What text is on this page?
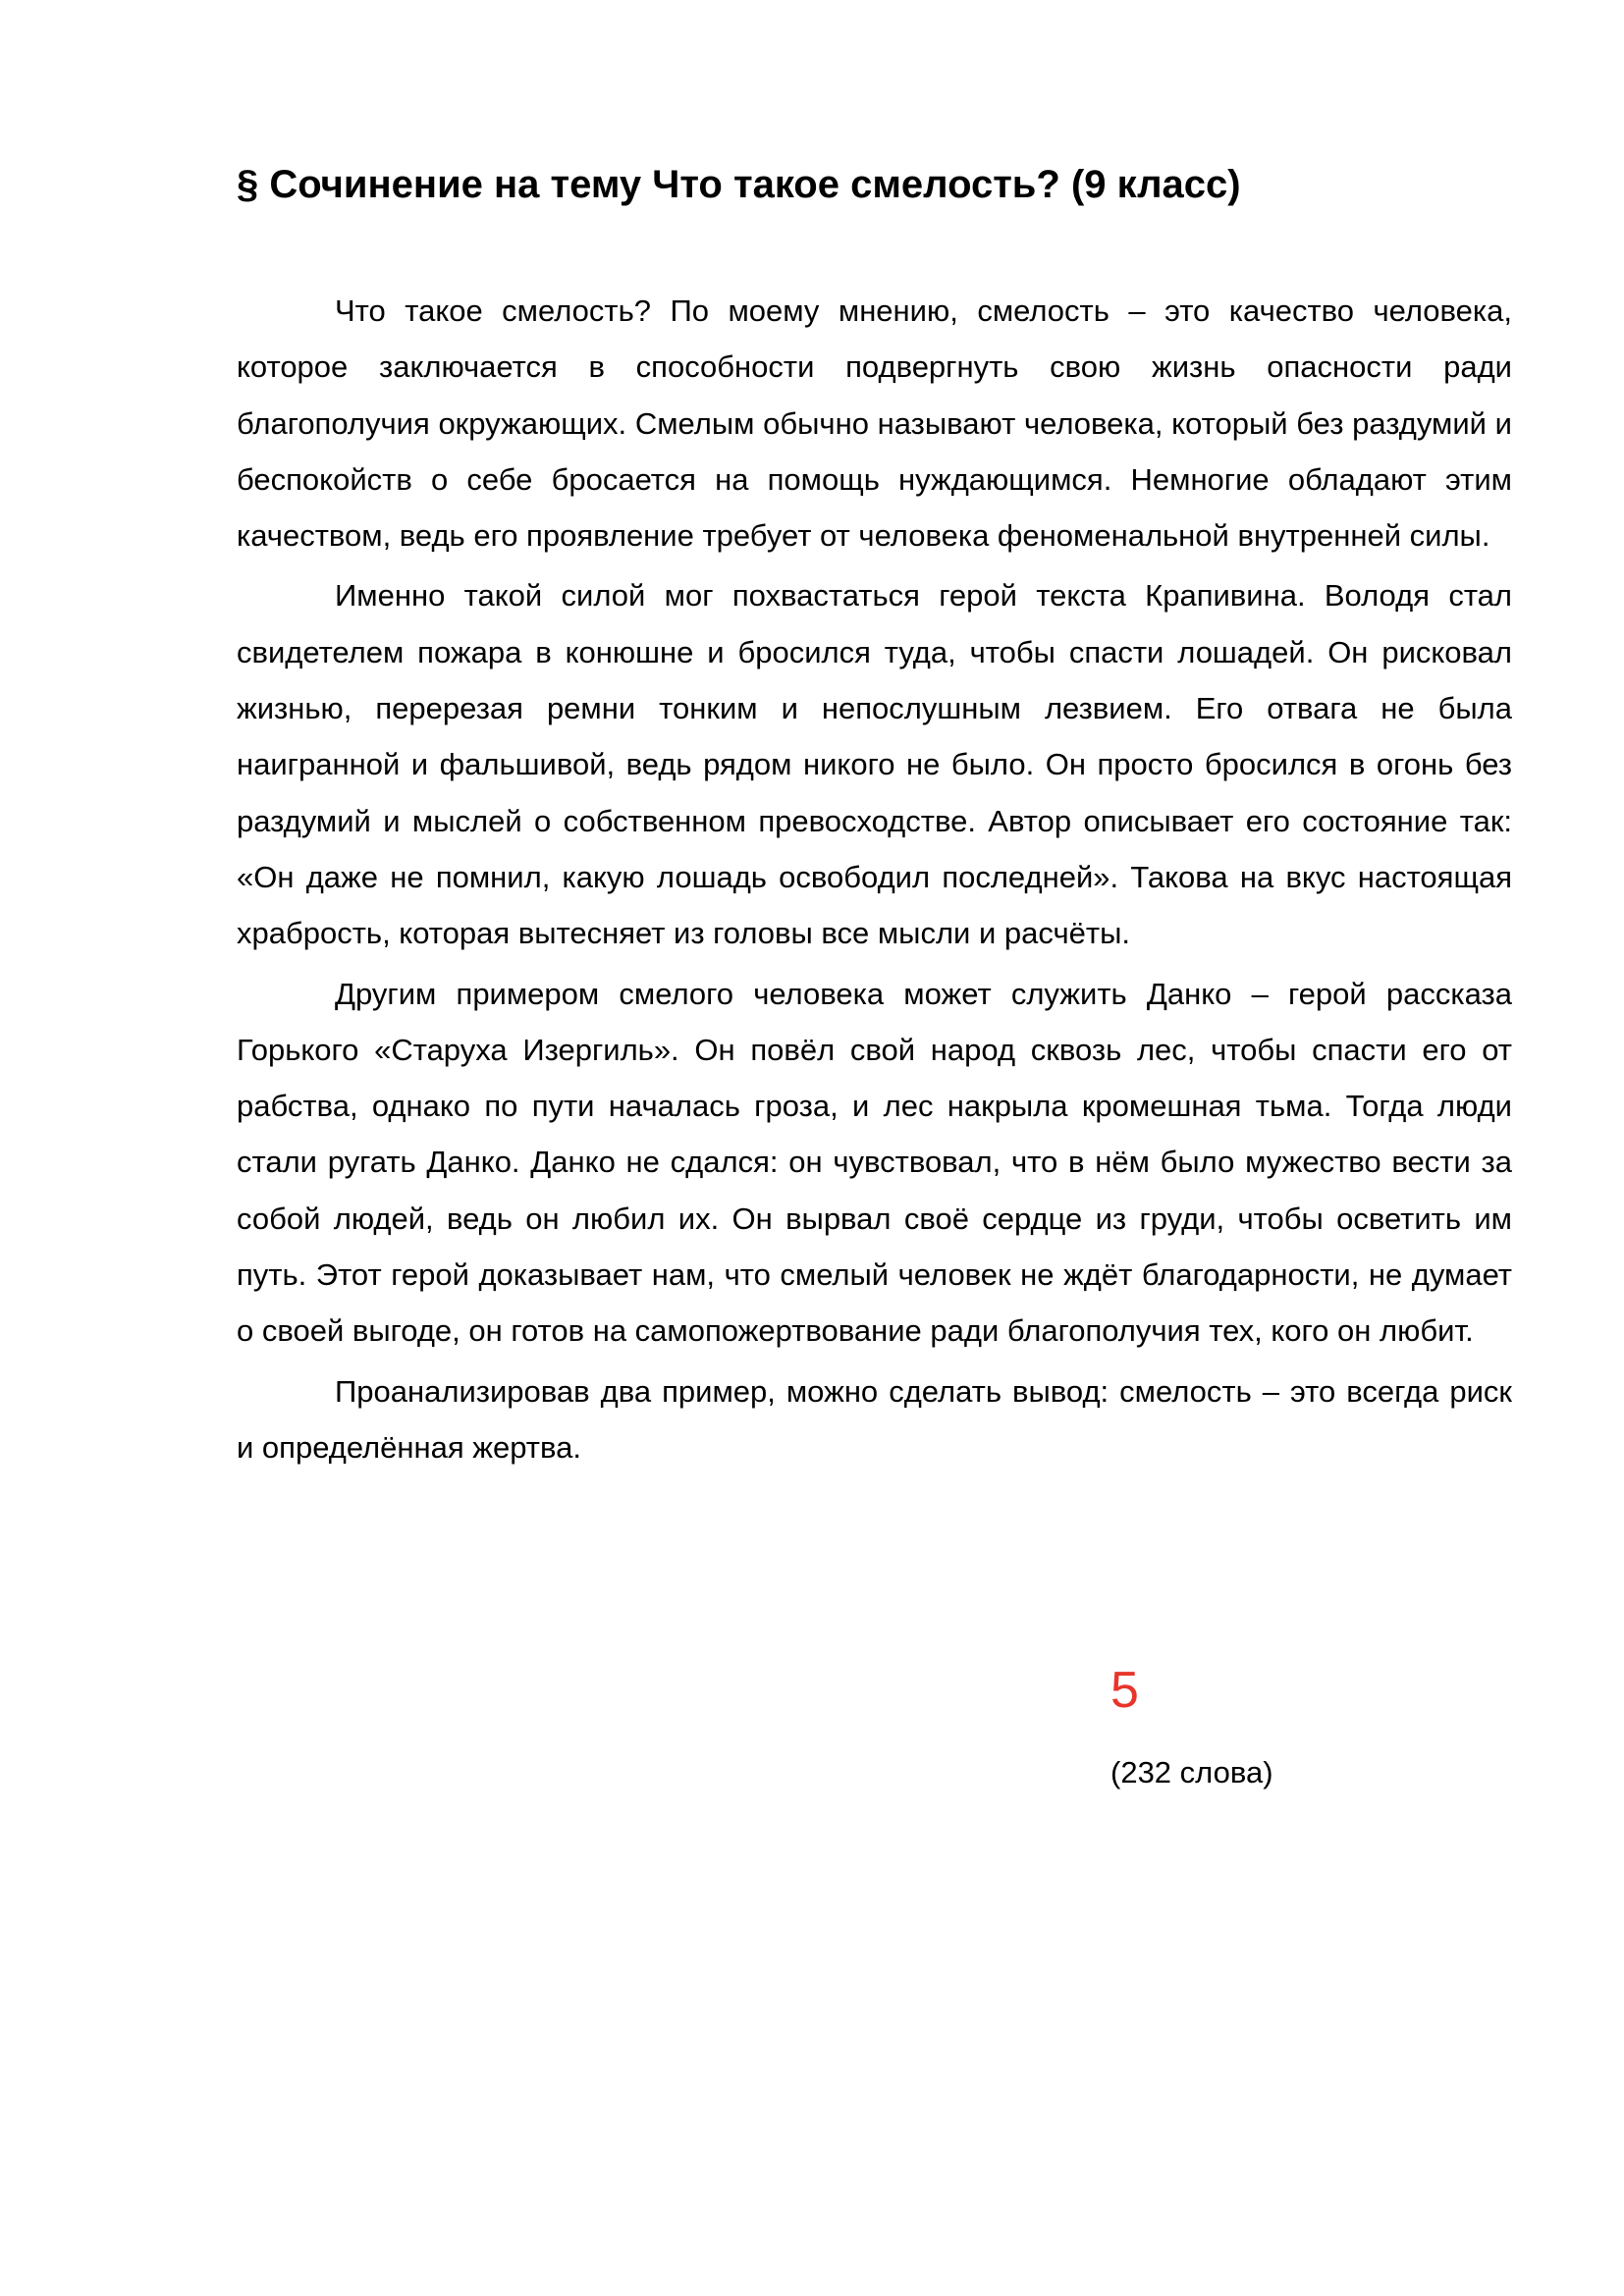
§ Сочинение на тему Что такое смелость? (9 класс)

Что такое смелость? По моему мнению, смелость – это качество человека, которое заключается в способности подвергнуть свою жизнь опасности ради благополучия окружающих. Смелым обычно называют человека, который без раздумий и беспокойств о себе бросается на помощь нуждающимся. Немногие обладают этим качеством, ведь его проявление требует от человека феноменальной внутренней силы.

Именно такой силой мог похвастаться герой текста Крапивина. Володя стал свидетелем пожара в конюшне и бросился туда, чтобы спасти лошадей. Он рисковал жизнью, перерезая ремни тонким и непослушным лезвием. Его отвага не была наигранной и фальшивой, ведь рядом никого не было. Он просто бросился в огонь без раздумий и мыслей о собственном превосходстве. Автор описывает его состояние так: «Он даже не помнил, какую лошадь освободил последней». Такова на вкус настоящая храбрость, которая вытесняет из головы все мысли и расчёты.

Другим примером смелого человека может служить Данко – герой рассказа Горького «Старуха Изергиль». Он повёл свой народ сквозь лес, чтобы спасти его от рабства, однако по пути началась гроза, и лес накрыла кромешная тьма. Тогда люди стали ругать Данко. Данко не сдался: он чувствовал, что в нём было мужество вести за собой людей, ведь он любил их. Он вырвал своё сердце из груди, чтобы осветить им путь. Этот герой доказывает нам, что смелый человек не ждёт благодарности, не думает о своей выгоде, он готов на самопожертвование ради благополучия тех, кого он любит.

Проанализировав два пример, можно сделать вывод: смелость – это всегда риск и определённая жертва.

5
(232 слова)
